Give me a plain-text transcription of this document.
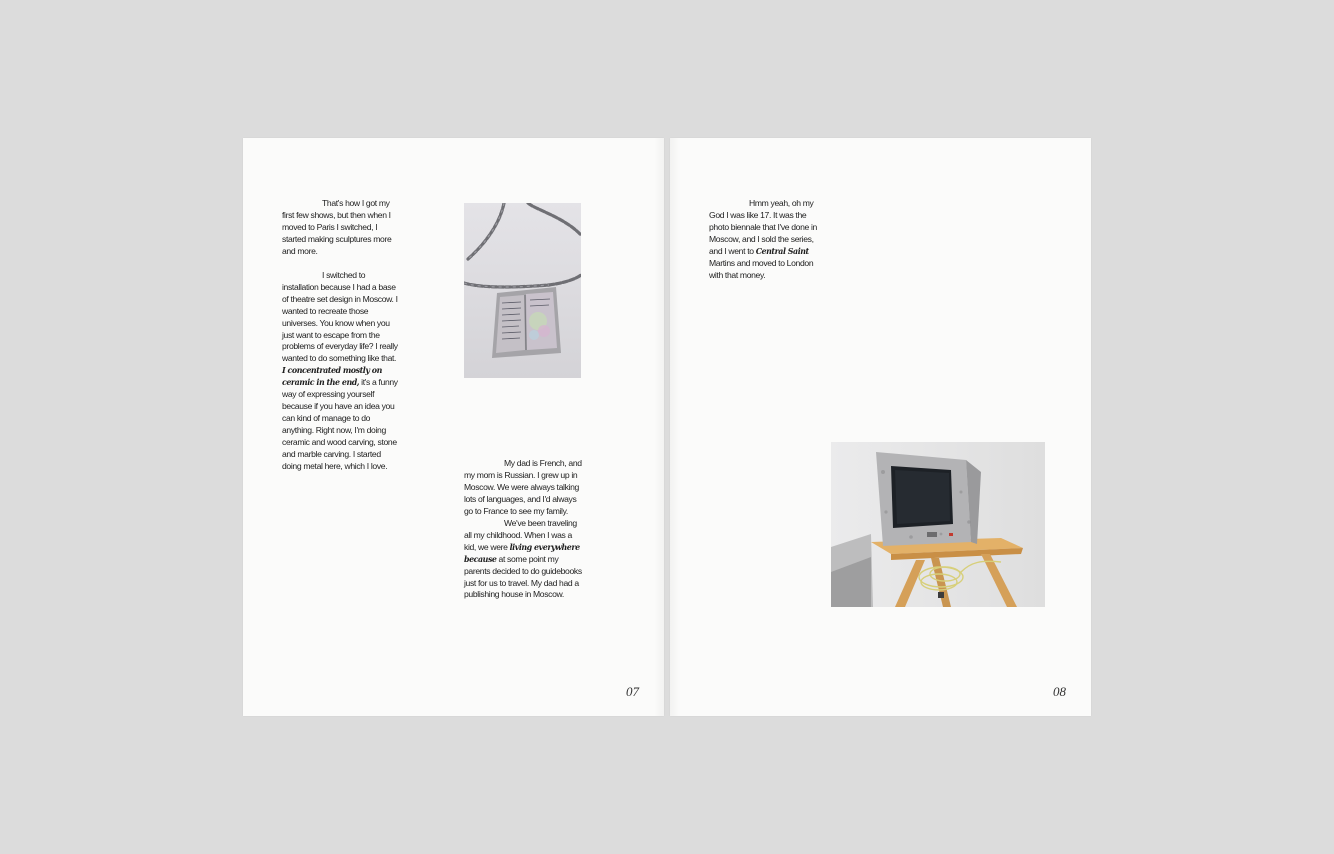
That's how I got my first few shows, but then when I moved to Paris I switched, I started making sculptures more and more.

I switched to installation because I had a base of theatre set design in Moscow. I wanted to recreate those universes. You know when you just want to escape from the problems of everyday life? I really wanted to do something like that. I concentrated mostly on ceramic in the end, it's a funny way of expressing yourself because if you have an idea you can kind of manage to do anything. Right now, I'm doing ceramic and wood carving, stone and marble carving. I started doing metal here, which I love.	My dad is French, and my mom is Russian. I grew up in Moscow. We were always talking lots of languages, and I'd always go to France to see my family.

We've been traveling all my childhood. When I was a kid, we were living everywhere because at some point my parents decided to do guidebooks just for us to travel. My dad had a publishing house in Moscow.

07

Hmm yeah, oh my God I was like 17. It was the photo biennale that I've done in Moscow, and I sold the series, and I went to Central Saint Martins and moved to London with that money.

08
